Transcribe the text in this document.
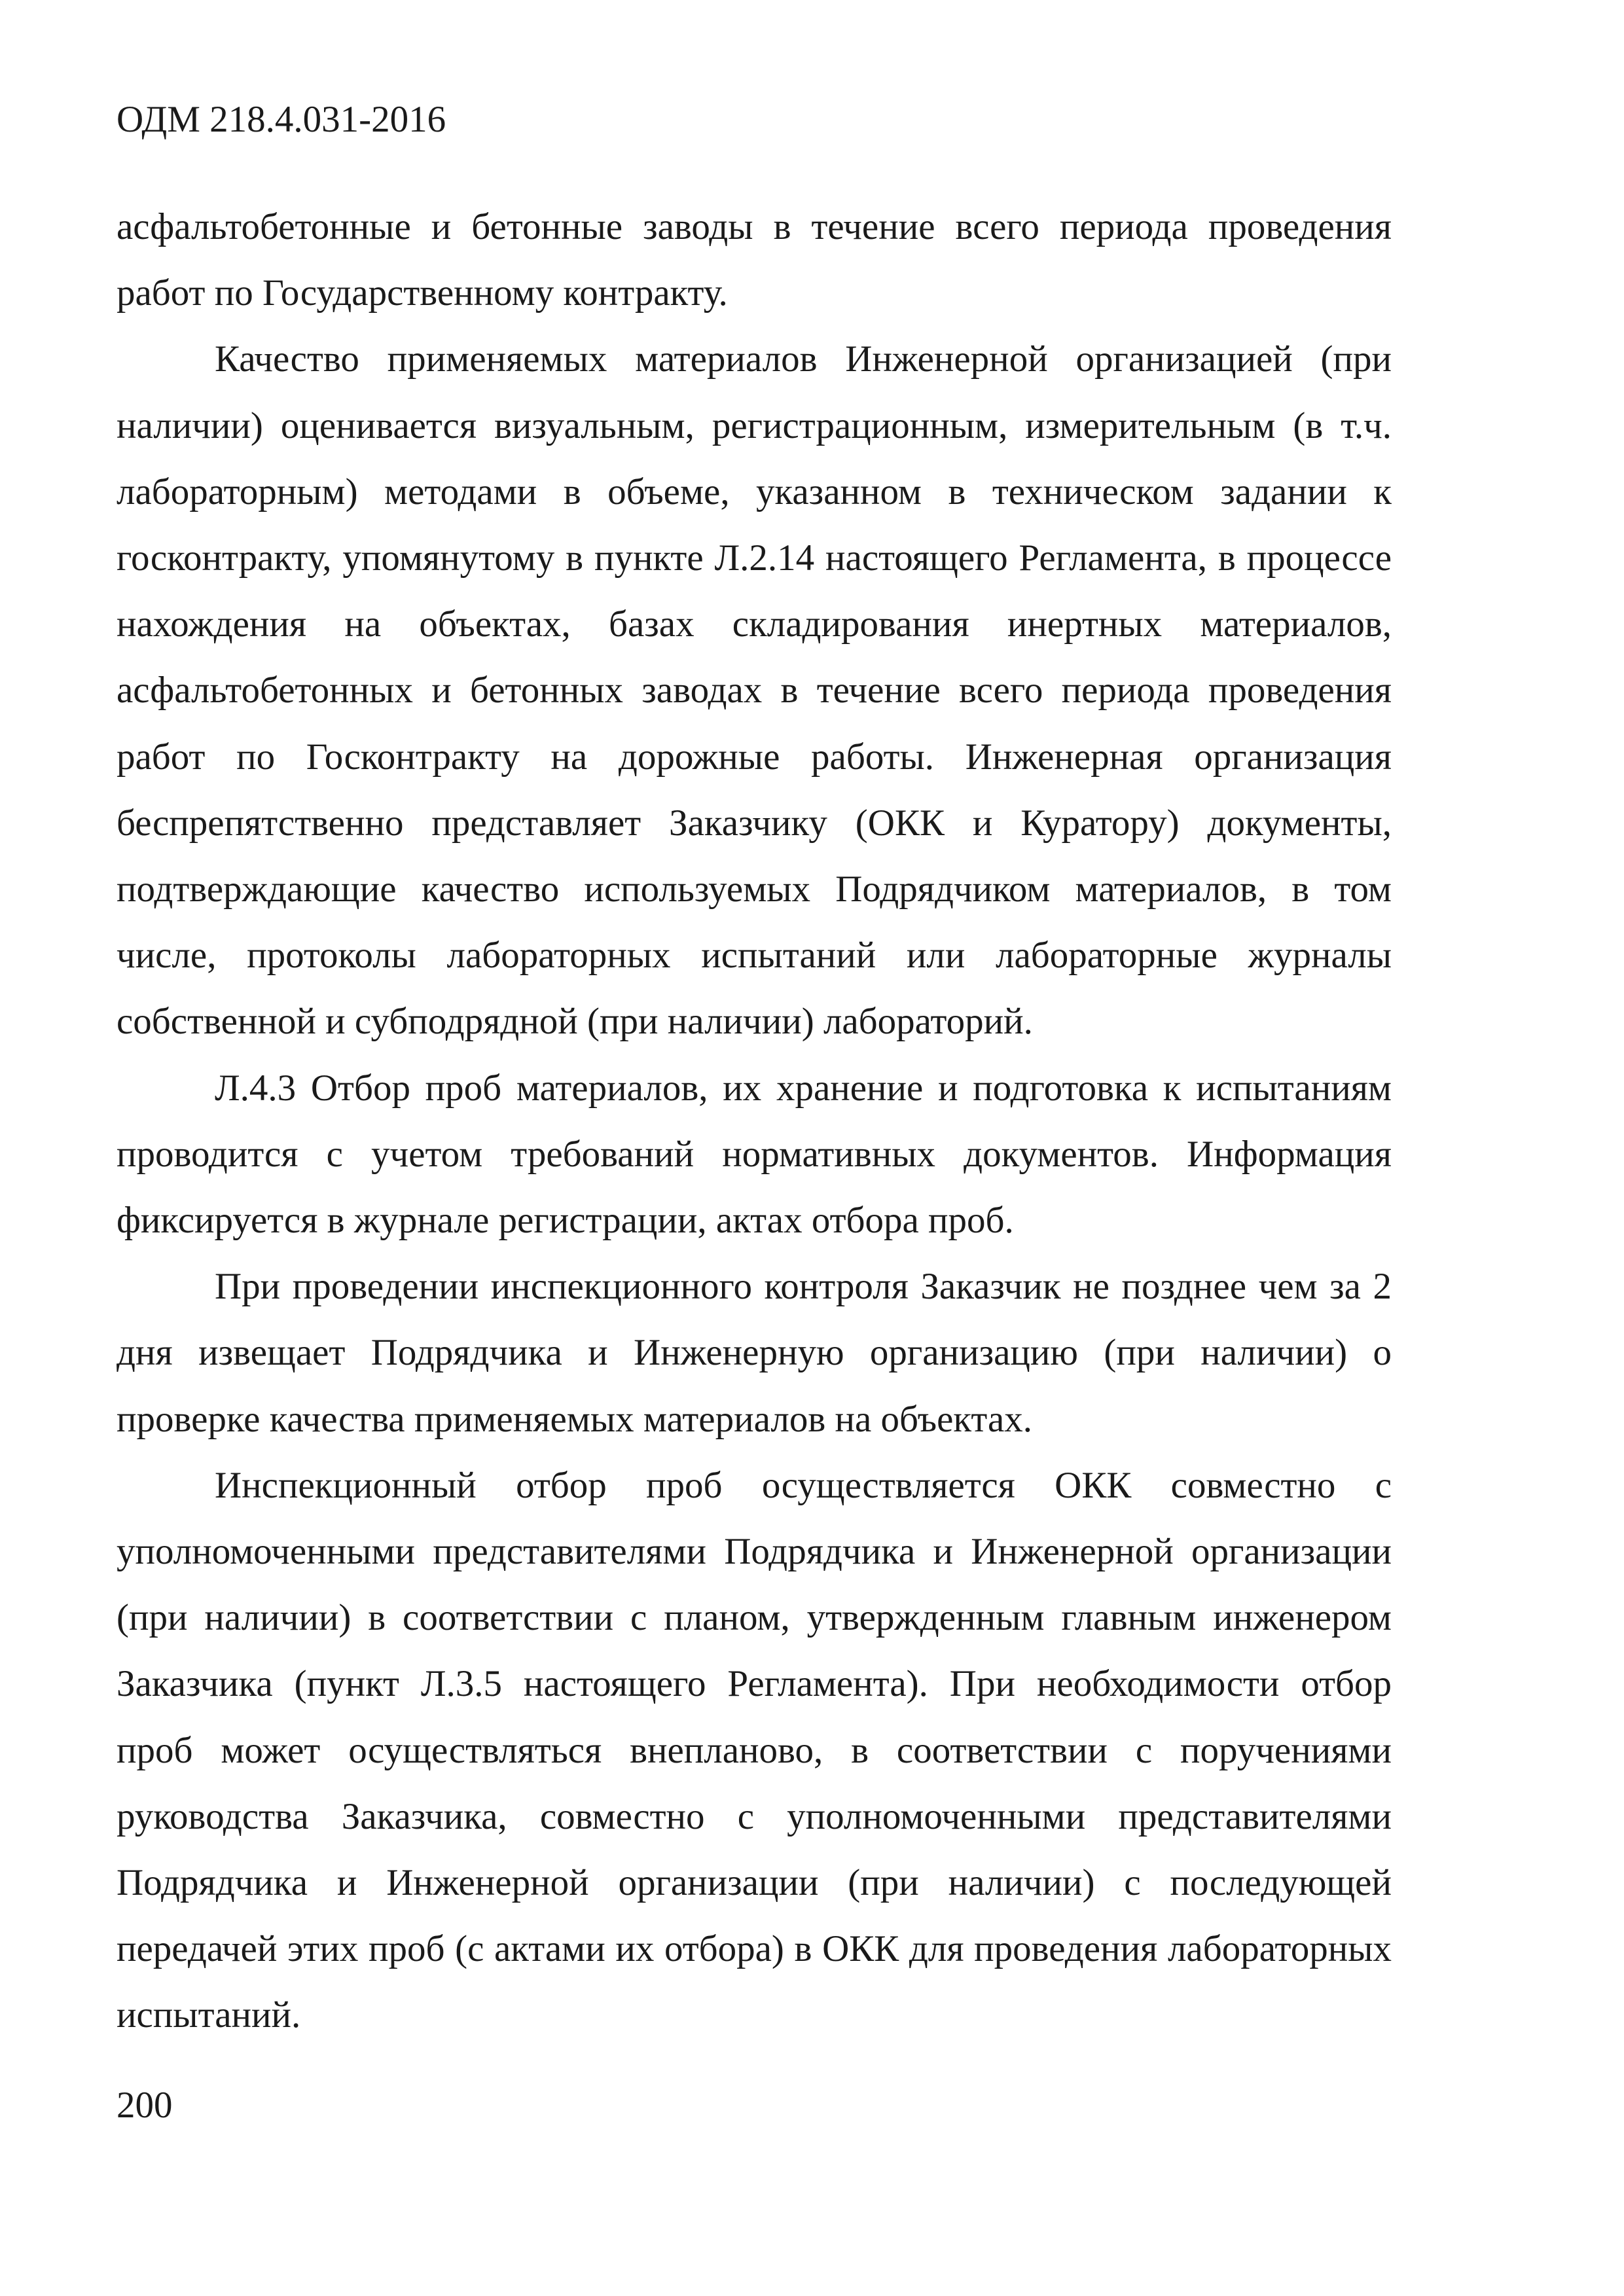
ОДМ 218.4.031-2016

асфальтобетонные и бетонные заводы в течение всего периода проведения работ по Государственному контракту.

Качество применяемых материалов Инженерной организацией (при наличии) оценивается визуальным, регистрационным, измерительным (в т.ч. лабораторным) методами в объеме, указанном в техническом задании к госконтракту, упомянутому в пункте Л.2.14 настоящего Регламента, в процессе нахождения на объектах, базах складирования инертных материалов, асфальтобетонных и бетонных заводах в течение всего периода проведения работ по Госконтракту на дорожные работы. Инженерная организация беспрепятственно представляет Заказчику (ОКК и Куратору) документы, подтверждающие качество используемых Подрядчиком материалов, в том числе, протоколы лабораторных испытаний или лабораторные журналы собственной и субподрядной (при наличии) лабораторий.

Л.4.3 Отбор проб материалов, их хранение и подготовка к испытаниям проводится с учетом требований нормативных документов. Информация фиксируется в журнале регистрации, актах отбора проб.

При проведении инспекционного контроля Заказчик не позднее чем за 2 дня извещает Подрядчика и Инженерную организацию (при наличии) о проверке качества применяемых материалов на объектах.

Инспекционный отбор проб осуществляется ОКК совместно с уполномоченными представителями Подрядчика и Инженерной организации (при наличии) в соответствии с планом, утвержденным главным инженером Заказчика (пункт Л.3.5 настоящего Регламента). При необходимости отбор проб может осуществляться внепланово, в соответствии с поручениями руководства Заказчика, совместно с уполномоченными представителями Подрядчика и Инженерной организации (при наличии) с последующей передачей этих проб (с актами их отбора) в ОКК для проведения лабораторных испытаний.

200
